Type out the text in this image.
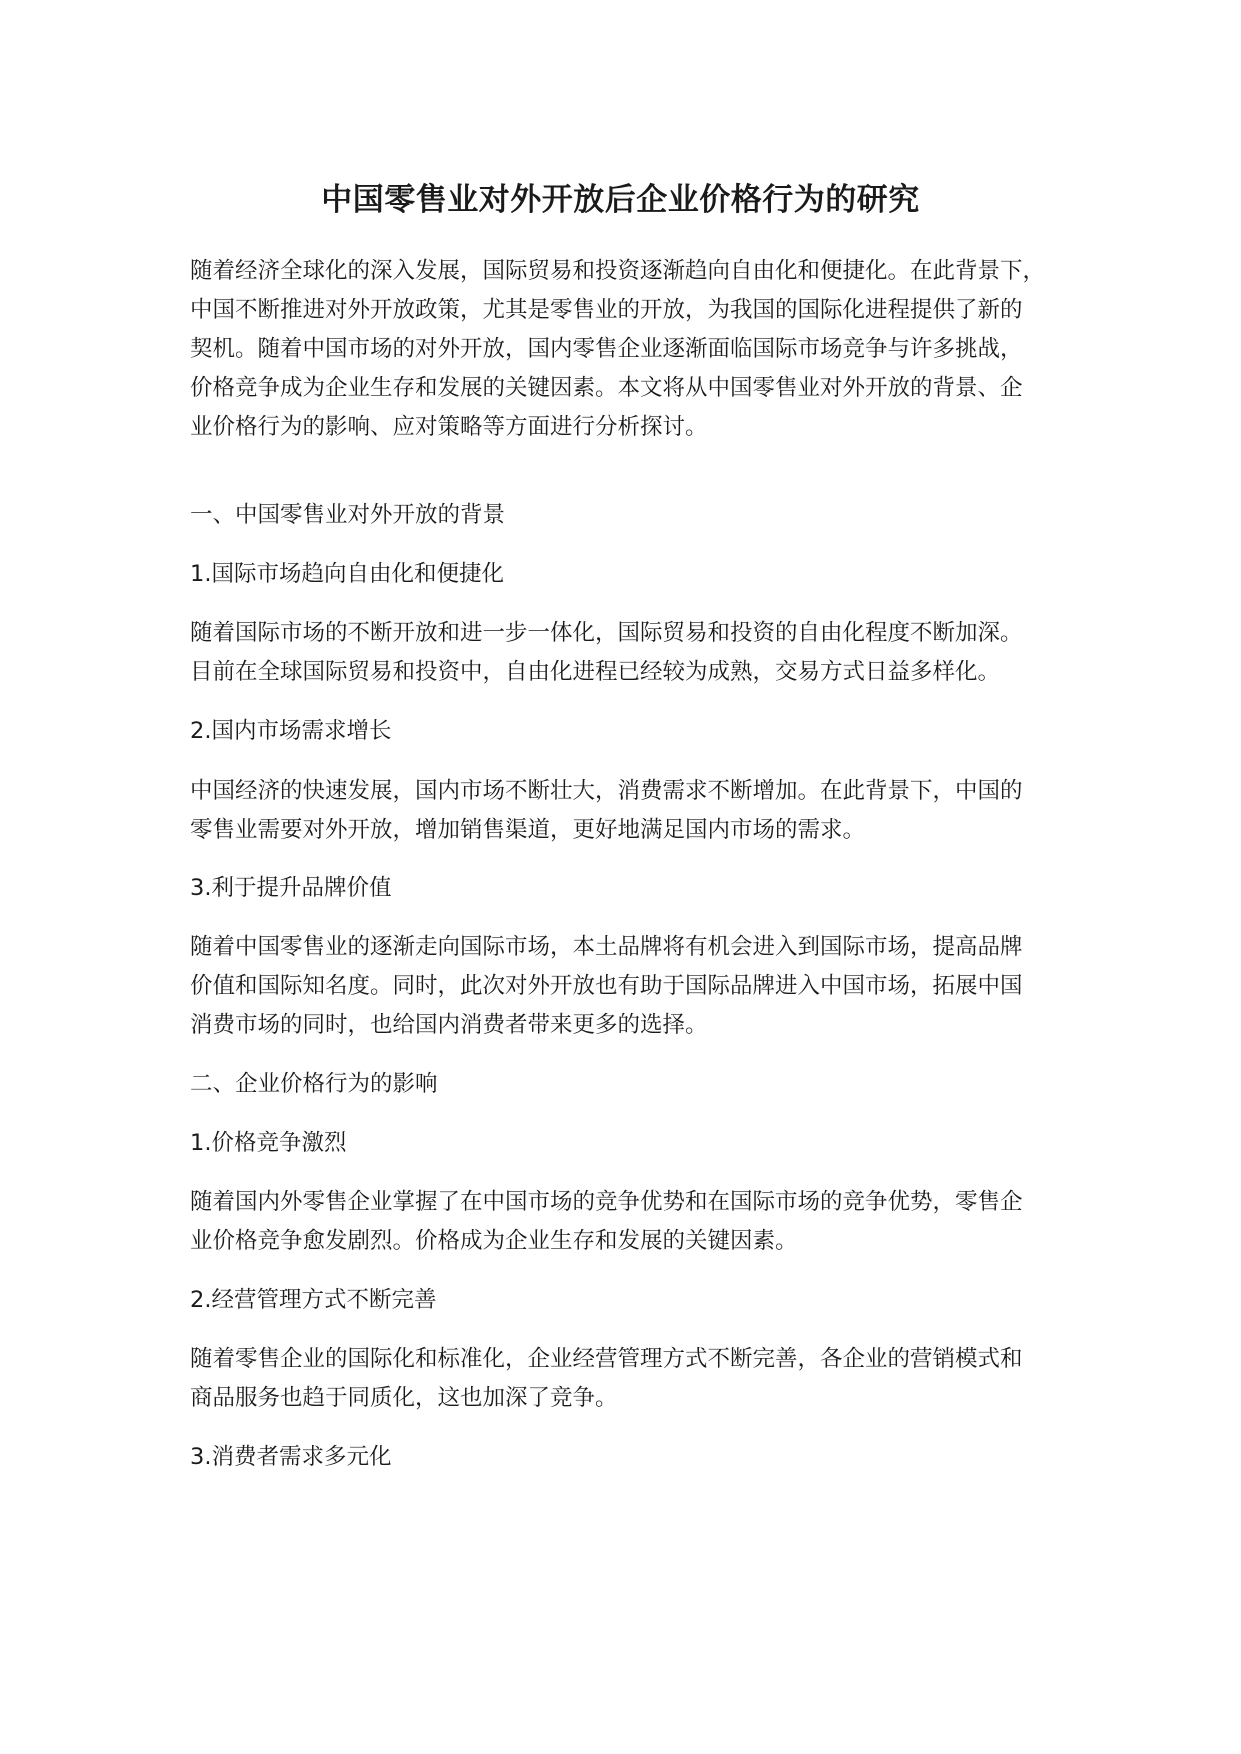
中国零售业对外开放后企业价格行为的研究

随着经济全球化的深入发展，国际贸易和投资逐渐趋向自由化和便捷化。在此背景下，
中国不断推进对外开放政策，尤其是零售业的开放，为我国的国际化进程提供了新的
契机。随着中国市场的对外开放，国内零售企业逐渐面临国际市场竞争与许多挑战，
价格竞争成为企业生存和发展的关键因素。本文将从中国零售业对外开放的背景、企
业价格行为的影响、应对策略等方面进行分析探讨。

一、中国零售业对外开放的背景

1.国际市场趋向自由化和便捷化

随着国际市场的不断开放和进一步一体化，国际贸易和投资的自由化程度不断加深。
目前在全球国际贸易和投资中，自由化进程已经较为成熟，交易方式日益多样化。

2.国内市场需求增长

中国经济的快速发展，国内市场不断壮大，消费需求不断增加。在此背景下，中国的
零售业需要对外开放，增加销售渠道，更好地满足国内市场的需求。

3.利于提升品牌价值

随着中国零售业的逐渐走向国际市场，本土品牌将有机会进入到国际市场，提高品牌
价值和国际知名度。同时，此次对外开放也有助于国际品牌进入中国市场，拓展中国
消费市场的同时，也给国内消费者带来更多的选择。

二、企业价格行为的影响

1.价格竞争激烈

随着国内外零售企业掌握了在中国市场的竞争优势和在国际市场的竞争优势，零售企
业价格竞争愈发剧烈。价格成为企业生存和发展的关键因素。

2.经营管理方式不断完善

随着零售企业的国际化和标准化，企业经营管理方式不断完善，各企业的营销模式和
商品服务也趋于同质化，这也加深了竞争。

3.消费者需求多元化
